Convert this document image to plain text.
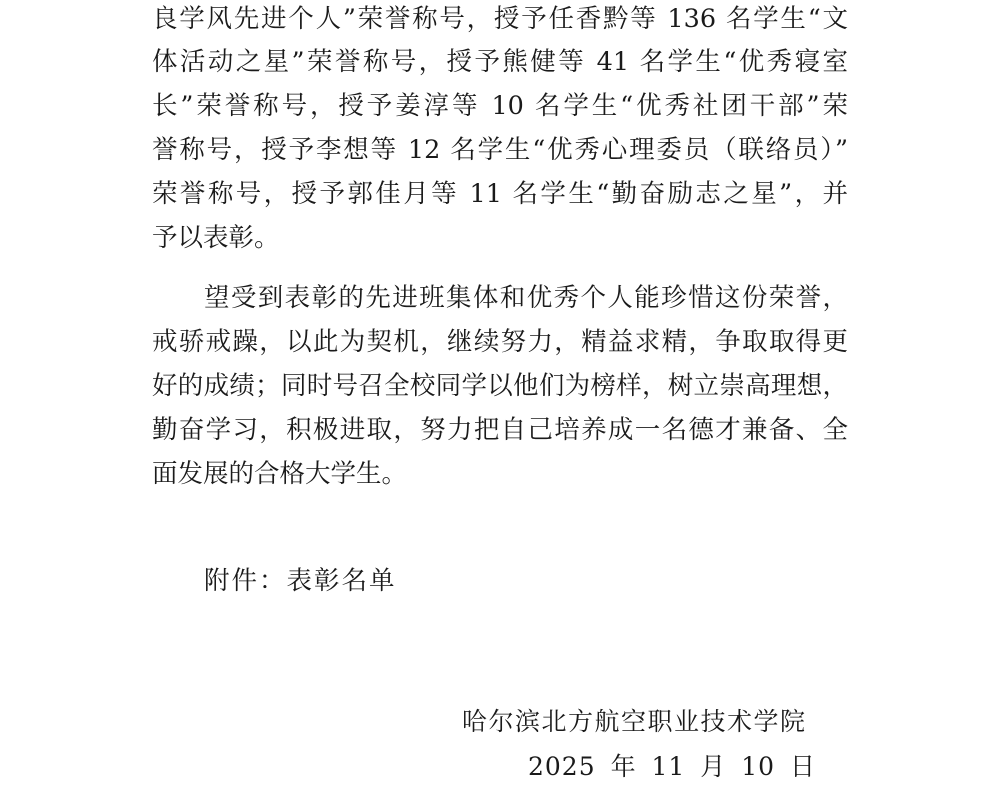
良学风先进个人”荣誉称号，授予任香黔等 136 名学生“文
体活动之星”荣誉称号，授予熊健等 41 名学生“优秀寝室
长”荣誉称号，授予姜淳等 10 名学生“优秀社团干部”荣
誉称号，授予李想等 12 名学生“优秀心理委员（联络员）”
荣誉称号，授予郭佳月等 11 名学生“勤奋励志之星”，并
予以表彰。
望受到表彰的先进班集体和优秀个人能珍惜这份荣誉，
戒骄戒躁，以此为契机，继续努力，精益求精，争取取得更
好的成绩；同时号召全校同学以他们为榜样，树立崇高理想，
勤奋学习，积极进取，努力把自己培养成一名德才兼备、全
面发展的合格大学生。
附件：表彰名单
哈尔滨北方航空职业技术学院
2025 年 11 月 10 日
